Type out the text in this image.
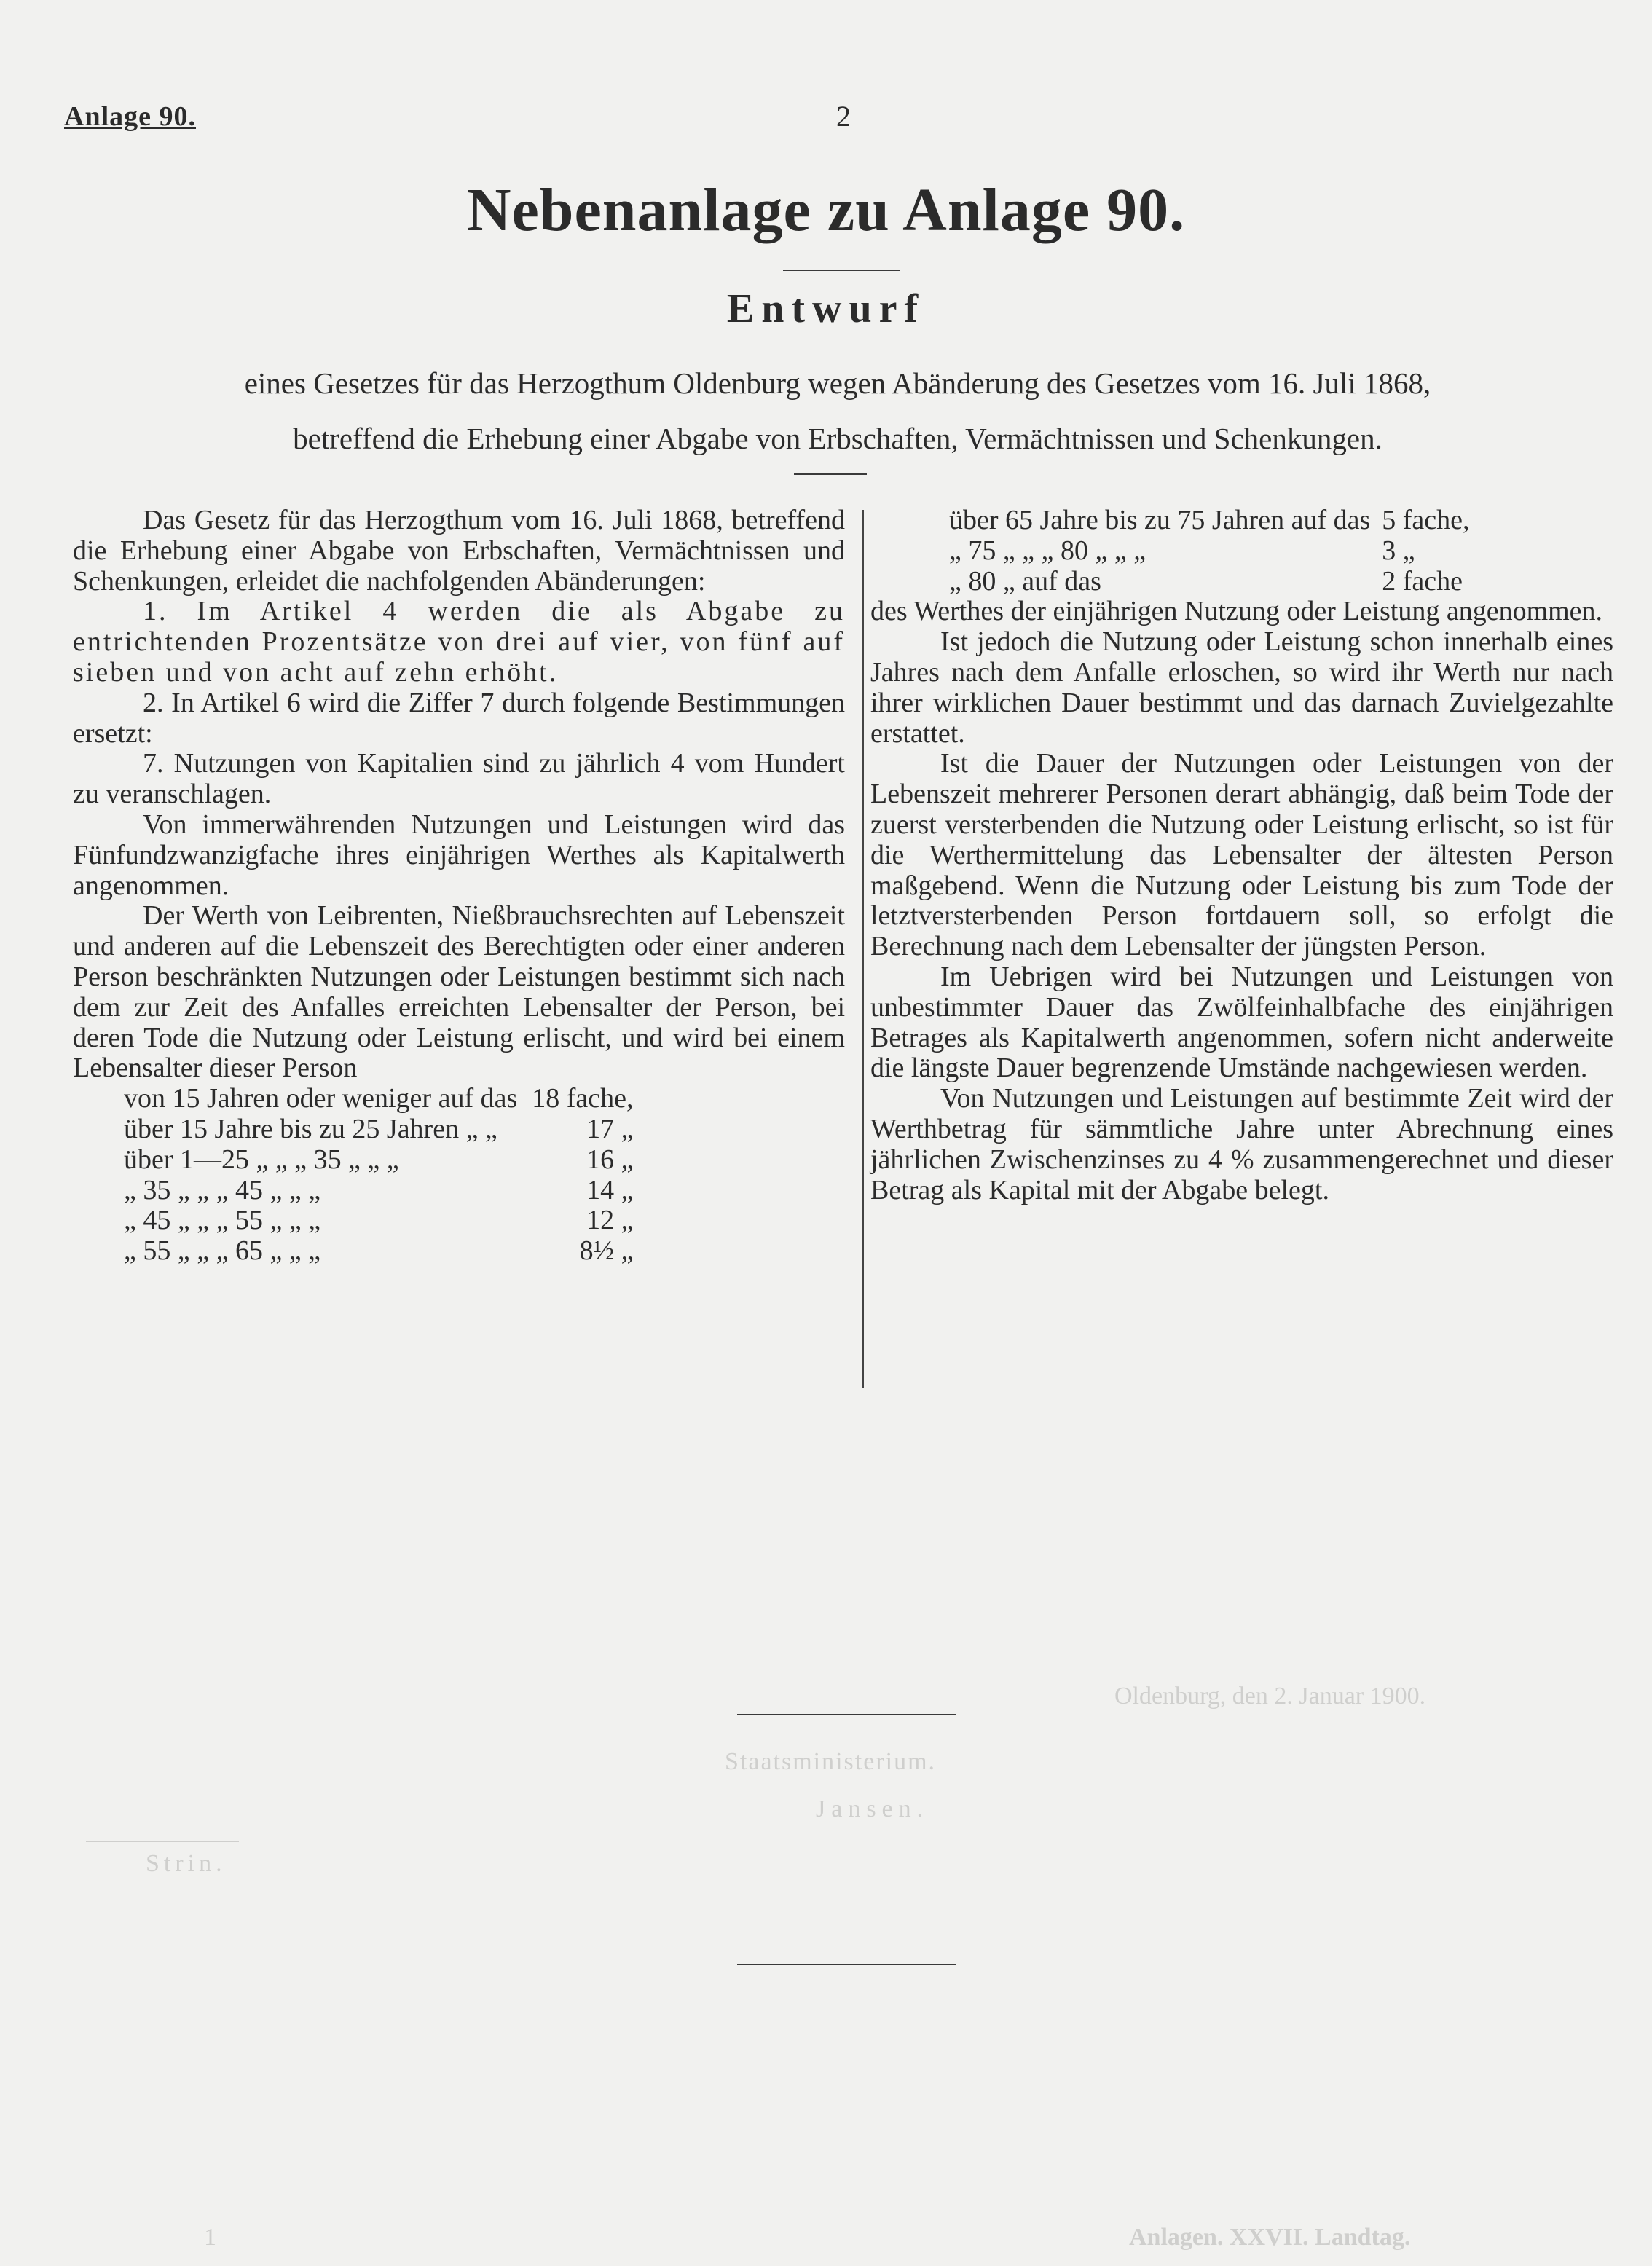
Oldenburg, den 2. Januar 1900.
Staatsministerium.
Jansen.
Strin.
Anlage 90.	2
Nebenanlage zu Anlage 90.
Entwurf
eines Gesetzes für das Herzogthum Oldenburg wegen Abänderung des Gesetzes vom 16. Juli 1868,
betreffend die Erhebung einer Abgabe von Erbschaften, Vermächtnissen und Schenkungen.

Das Gesetz für das Herzogthum vom 16. Juli 1868, betreffend die Erhebung einer Abgabe von Erbschaften, Vermächtnissen und Schenkungen, erleidet die nachfolgenden Abänderungen:

1. Im Artikel 4 werden die als Abgabe zu entrichtenden Prozentsätze von drei auf vier, von fünf auf sieben und von acht auf zehn erhöht.

2. In Artikel 6 wird die Ziffer 7 durch folgende Bestimmungen ersetzt:

7. Nutzungen von Kapitalien sind zu jährlich 4 vom Hundert zu veranschlagen.

Von immerwährenden Nutzungen und Leistungen wird das Fünfundzwanzigfache ihres einjährigen Werthes als Kapitalwerth angenommen.

Der Werth von Leibrenten, Nießbrauchsrechten auf Lebenszeit und anderen auf die Lebenszeit des Berechtigten oder einer anderen Person beschränkten Nutzungen oder Leistungen bestimmt sich nach dem zur Zeit des Anfalles erreichten Lebensalter der Person, bei deren Tode die Nutzung oder Leistung erlischt, und wird bei einem Lebensalter dieser Person

von 15 Jahren oder weniger auf das	18 fache,
über 15 Jahre bis zu 25 Jahren „ „	17 „
über 1—25 „ „ „ 35 „ „ „	16 „
„ 35 „ „ „ 45 „ „ „	14 „
„ 45 „ „ „ 55 „ „ „	12 „
„ 55 „ „ „ 65 „ „ „	8½ „
über 65 Jahre bis zu 75 Jahren auf das	5 fache,
„ 75 „ „ „ 80 „ „ „	3 „
„ 80 „ auf das	2 fache

des Werthes der einjährigen Nutzung oder Leistung angenommen.

Ist jedoch die Nutzung oder Leistung schon innerhalb eines Jahres nach dem Anfalle erloschen, so wird ihr Werth nur nach ihrer wirklichen Dauer bestimmt und das darnach Zuvielgezahlte erstattet.

Ist die Dauer der Nutzungen oder Leistungen von der Lebenszeit mehrerer Personen derart abhängig, daß beim Tode der zuerst versterbenden die Nutzung oder Leistung erlischt, so ist für die Werthermittelung das Lebensalter der ältesten Person maßgebend. Wenn die Nutzung oder Leistung bis zum Tode der letztversterbenden Person fortdauern soll, so erfolgt die Berechnung nach dem Lebensalter der jüngsten Person.

Im Uebrigen wird bei Nutzungen und Leistungen von unbestimmter Dauer das Zwölfeinhalbfache des einjährigen Betrages als Kapitalwerth angenommen, sofern nicht anderweite die längste Dauer begrenzende Umstände nachgewiesen werden.

Von Nutzungen und Leistungen auf bestimmte Zeit wird der Werthbetrag für sämmtliche Jahre unter Abrechnung eines jährlichen Zwischenzinses zu 4 % zusammengerechnet und dieser Betrag als Kapital mit der Abgabe belegt.

1	Anlagen. XXVII. Landtag.
